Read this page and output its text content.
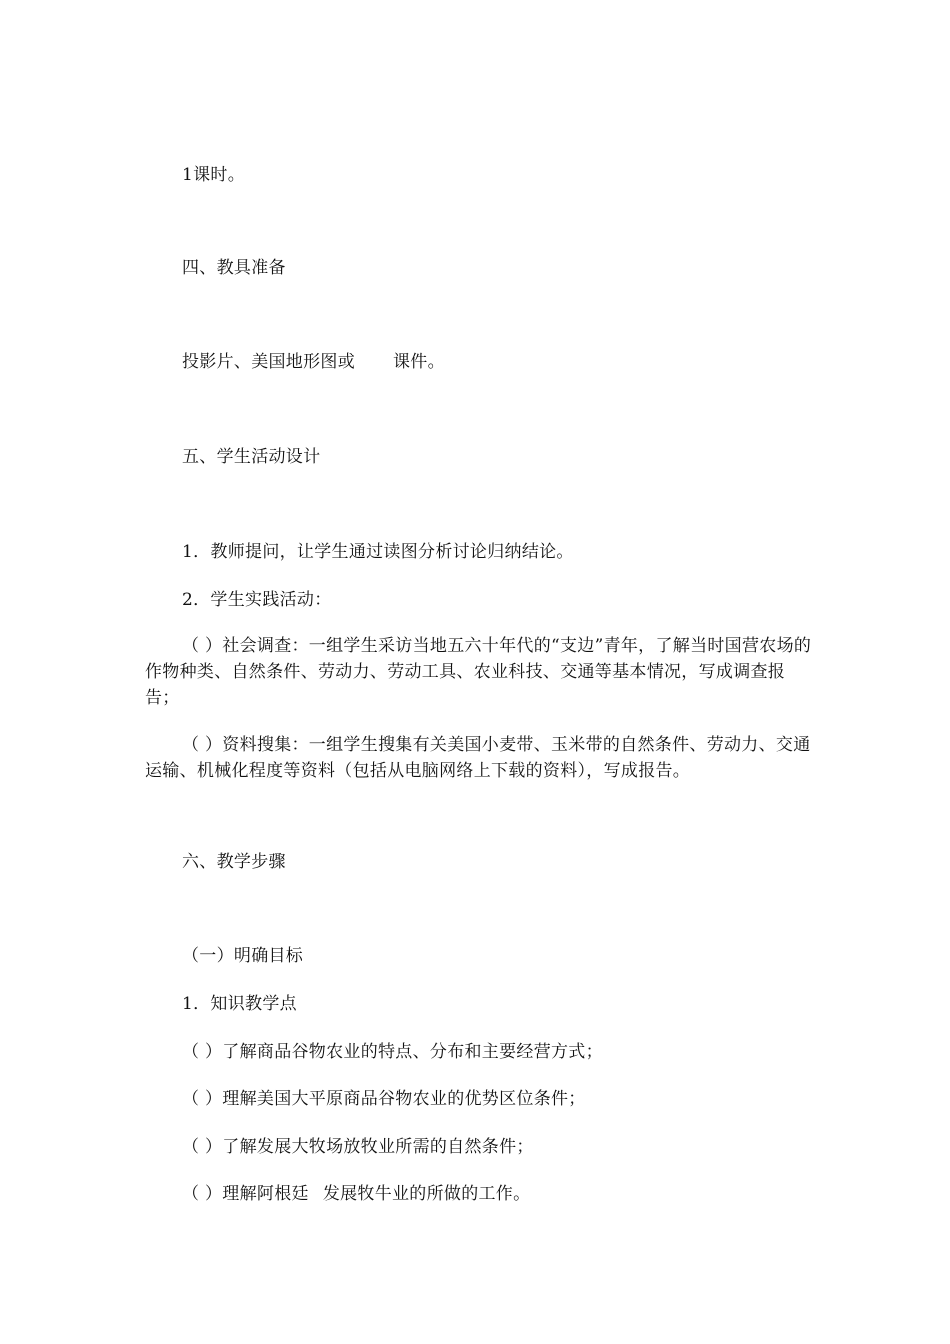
1课时。
四、教具准备
投影片、美国地形图或 课件。
五、学生活动设计
1．教师提问，让学生通过读图分析讨论归纳结论。
2．学生实践活动：
（ ）社会调查：一组学生采访当地五六十年代的“支边”青年，了解当时国营农场的作物种类、自然条件、劳动力、劳动工具、农业科技、交通等基本情况，写成调查报告；
（ ）资料搜集：一组学生搜集有关美国小麦带、玉米带的自然条件、劳动力、交通运输、机械化程度等资料（包括从电脑网络上下载的资料），写成报告。
六、教学步骤
（一）明确目标
1．知识教学点
（ ）了解商品谷物农业的特点、分布和主要经营方式；
（ ）理解美国大平原商品谷物农业的优势区位条件；
（ ）了解发展大牧场放牧业所需的自然条件；
（ ）理解阿根廷 发展牧牛业的所做的工作。
